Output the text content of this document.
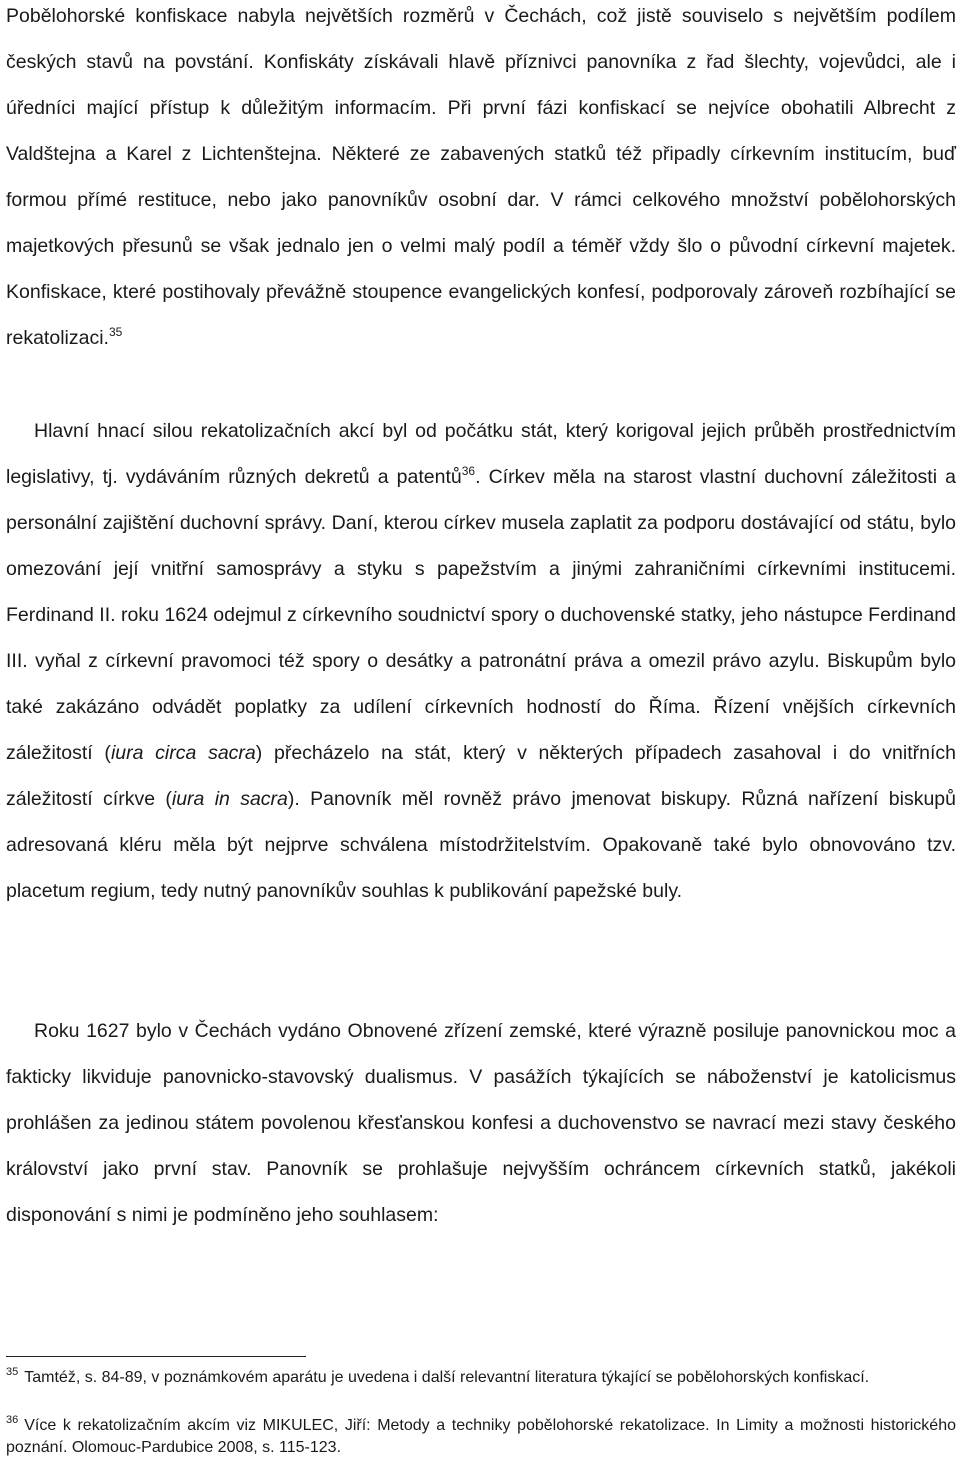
Pobělohorské konfiskace nabyla největších rozměrů v Čechách, což jistě souviselo s největším podílem českých stavů na povstání. Konfiskáty získávali hlavě příznivci panovníka z řad šlechty, vojevůdci, ale i úředníci mající přístup k důležitým informacím. Při první fázi konfiskací se nejvíce obohatili Albrecht z Valdštejna a Karel z Lichtenštejna. Některé ze zabavených statků též připadly církevním institucím, buď formou přímé restituce, nebo jako panovníkův osobní dar. V rámci celkového množství pobělohorských majetkových přesunů se však jednalo jen o velmi malý podíl a téměř vždy šlo o původní církevní majetek. Konfiskace, které postihovaly převážně stoupence evangelických konfesí, podporovaly zároveň rozbíhající se rekatolizaci.$^{35}$

Hlavní hnací silou rekatolizačních akcí byl od počátku stát, který korigoval jejich průběh prostřednictvím legislativy, tj. vydáváním různých dekretů a patentů$^{36}$. Církev měla na starost vlastní duchovní záležitosti a personální zajištění duchovní správy. Daní, kterou církev musela zaplatit za podporu dostávající od státu, bylo omezování její vnitřní samosprávy a styku s papežstvím a jinými zahraničními církevními institucemi. Ferdinand II. roku 1624 odejmul z církevního soudnictví spory o duchovenské statky, jeho nástupce Ferdinand III. vyňal z církevní pravomoci též spory o desátky a patronátní práva a omezil právo azylu. Biskupům bylo také zakázáno odvádět poplatky za udílení církevních hodností do Říma. Řízení vnějších církevních záležitostí (iura circa sacra) přecházelo na stát, který v některých případech zasahoval i do vnitřních záležitostí církve (iura in sacra). Panovník měl rovněž právo jmenovat biskupy. Různá nařízení biskupů adresovaná kléru měla být nejprve schválena místodržitelstvím. Opakovaně také bylo obnovováno tzv. placetum regium, tedy nutný panovníkův souhlas k publikování papežské buly.

Roku 1627 bylo v Čechách vydáno Obnovené zřízení zemské, které výrazně posiluje panovnickou moc a fakticky likviduje panovnicko-stavovský dualismus. V pasážích týkajících se náboženství je katolicismus prohlášen za jedinou státem povolenou křesťanskou konfesi a duchovenstvo se navrací mezi stavy českého království jako první stav. Panovník se prohlašuje nejvyšším ochráncem církevních statků, jakékoli disponování s nimi je podmíněno jeho souhlasem:

$^{35}$ Tamtéž, s. 84-89, v poznámkovém aparátu je uvedena i další relevantní literatura týkající se pobělohorských konfiskací.

$^{36}$ Více k rekatolizačním akcím viz MIKULEC, Jiří: Metody a techniky pobělohorské rekatolizace. In Limity a možnosti historického poznání. Olomouc-Pardubice 2008, s. 115-123.
